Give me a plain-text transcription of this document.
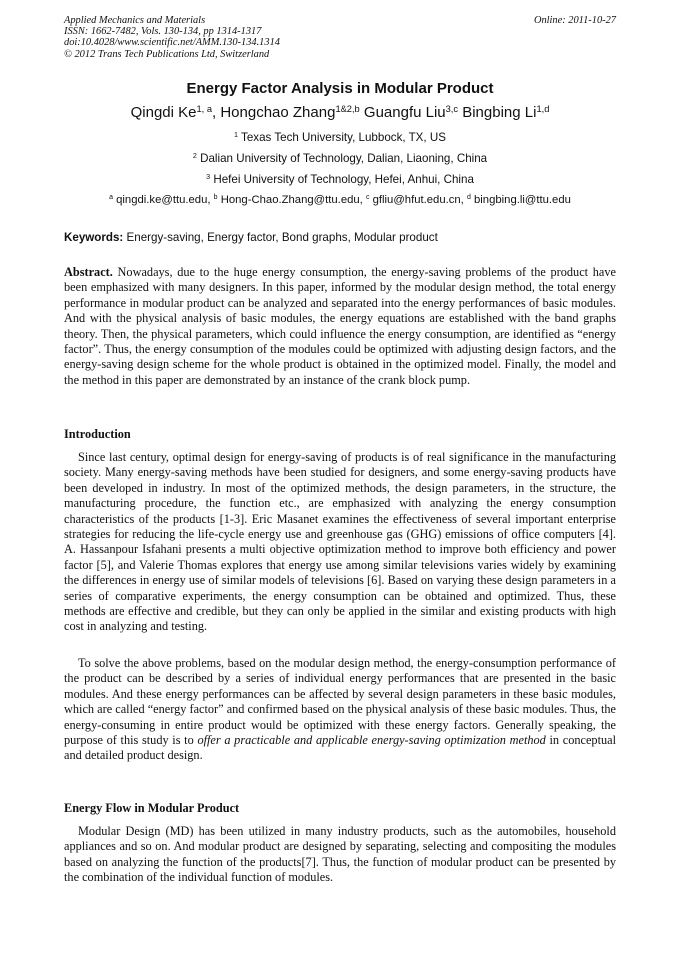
Applied Mechanics and Materials
ISSN: 1662-7482, Vols. 130-134, pp 1314-1317
doi:10.4028/www.scientific.net/AMM.130-134.1314
© 2012 Trans Tech Publications Ltd, Switzerland
Online: 2011-10-27
Energy Factor Analysis in Modular Product
Qingdi Ke$^{1, a}$, Hongchao Zhang$^{1\&2,b}$ Guangfu Liu$^{3,c}$ Bingbing Li$^{1,d}$
$^1$ Texas Tech University, Lubbock, TX, US
$^2$ Dalian University of Technology, Dalian, Liaoning, China
$^3$ Hefei University of Technology, Hefei, Anhui, China
$^a$ qingdi.ke@ttu.edu, $^b$ Hong-Chao.Zhang@ttu.edu, $^c$ gfliu@hfut.edu.cn, $^d$ bingbing.li@ttu.edu
Keywords: Energy-saving, Energy factor, Bond graphs, Modular product
Abstract. Nowadays, due to the huge energy consumption, the energy-saving problems of the product have been emphasized with many designers. In this paper, informed by the modular design method, the total energy performance in modular product can be analyzed and separated into the energy performances of basic modules. And with the physical analysis of basic modules, the energy equations are established with the band graphs theory. Then, the physical parameters, which could influence the energy consumption, are identified as “energy factor”. Thus, the energy consumption of the modules could be optimized with adjusting design factors, and the energy-saving design scheme for the whole product is obtained in the optimized model. Finally, the model and the method in this paper are demonstrated by an instance of the crank block pump.
Introduction
Since last century, optimal design for energy-saving of products is of real significance in the manufacturing society. Many energy-saving methods have been studied for designers, and some energy-saving products have been developed in industry. In most of the optimized methods, the design parameters, in the structure, the manufacturing procedure, the function etc., are emphasized with analyzing the energy consumption characteristics of the products [1-3]. Eric Masanet examines the effectiveness of several important enterprise strategies for reducing the life-cycle energy use and greenhouse gas (GHG) emissions of office computers [4]. A. Hassanpour Isfahani presents a multi objective optimization method to improve both efficiency and power factor [5], and Valerie Thomas explores that energy use among similar televisions varies widely by examining the differences in energy use of similar models of televisions [6]. Based on varying these design parameters in a series of comparative experiments, the energy consumption can be obtained and optimized. Thus, these methods are effective and credible, but they can only be applied in the similar and existing products with high cost in analyzing and testing.
To solve the above problems, based on the modular design method, the energy-consumption performance of the product can be described by a series of individual energy performances that are presented in the basic modules. And these energy performances can be affected by several design parameters in these basic modules, which are called “energy factor” and confirmed based on the physical analysis of these basic modules. Thus, the energy-consuming in entire product would be optimized with these energy factors. Generally speaking, the purpose of this study is to offer a practicable and applicable energy-saving optimization method in conceptual and detailed product design.
Energy Flow in Modular Product
Modular Design (MD) has been utilized in many industry products, such as the automobiles, household appliances and so on. And modular product are designed by separating, selecting and compositing the modules based on analyzing the function of the products[7]. Thus, the function of modular product can be presented by the combination of the individual function of modules.
